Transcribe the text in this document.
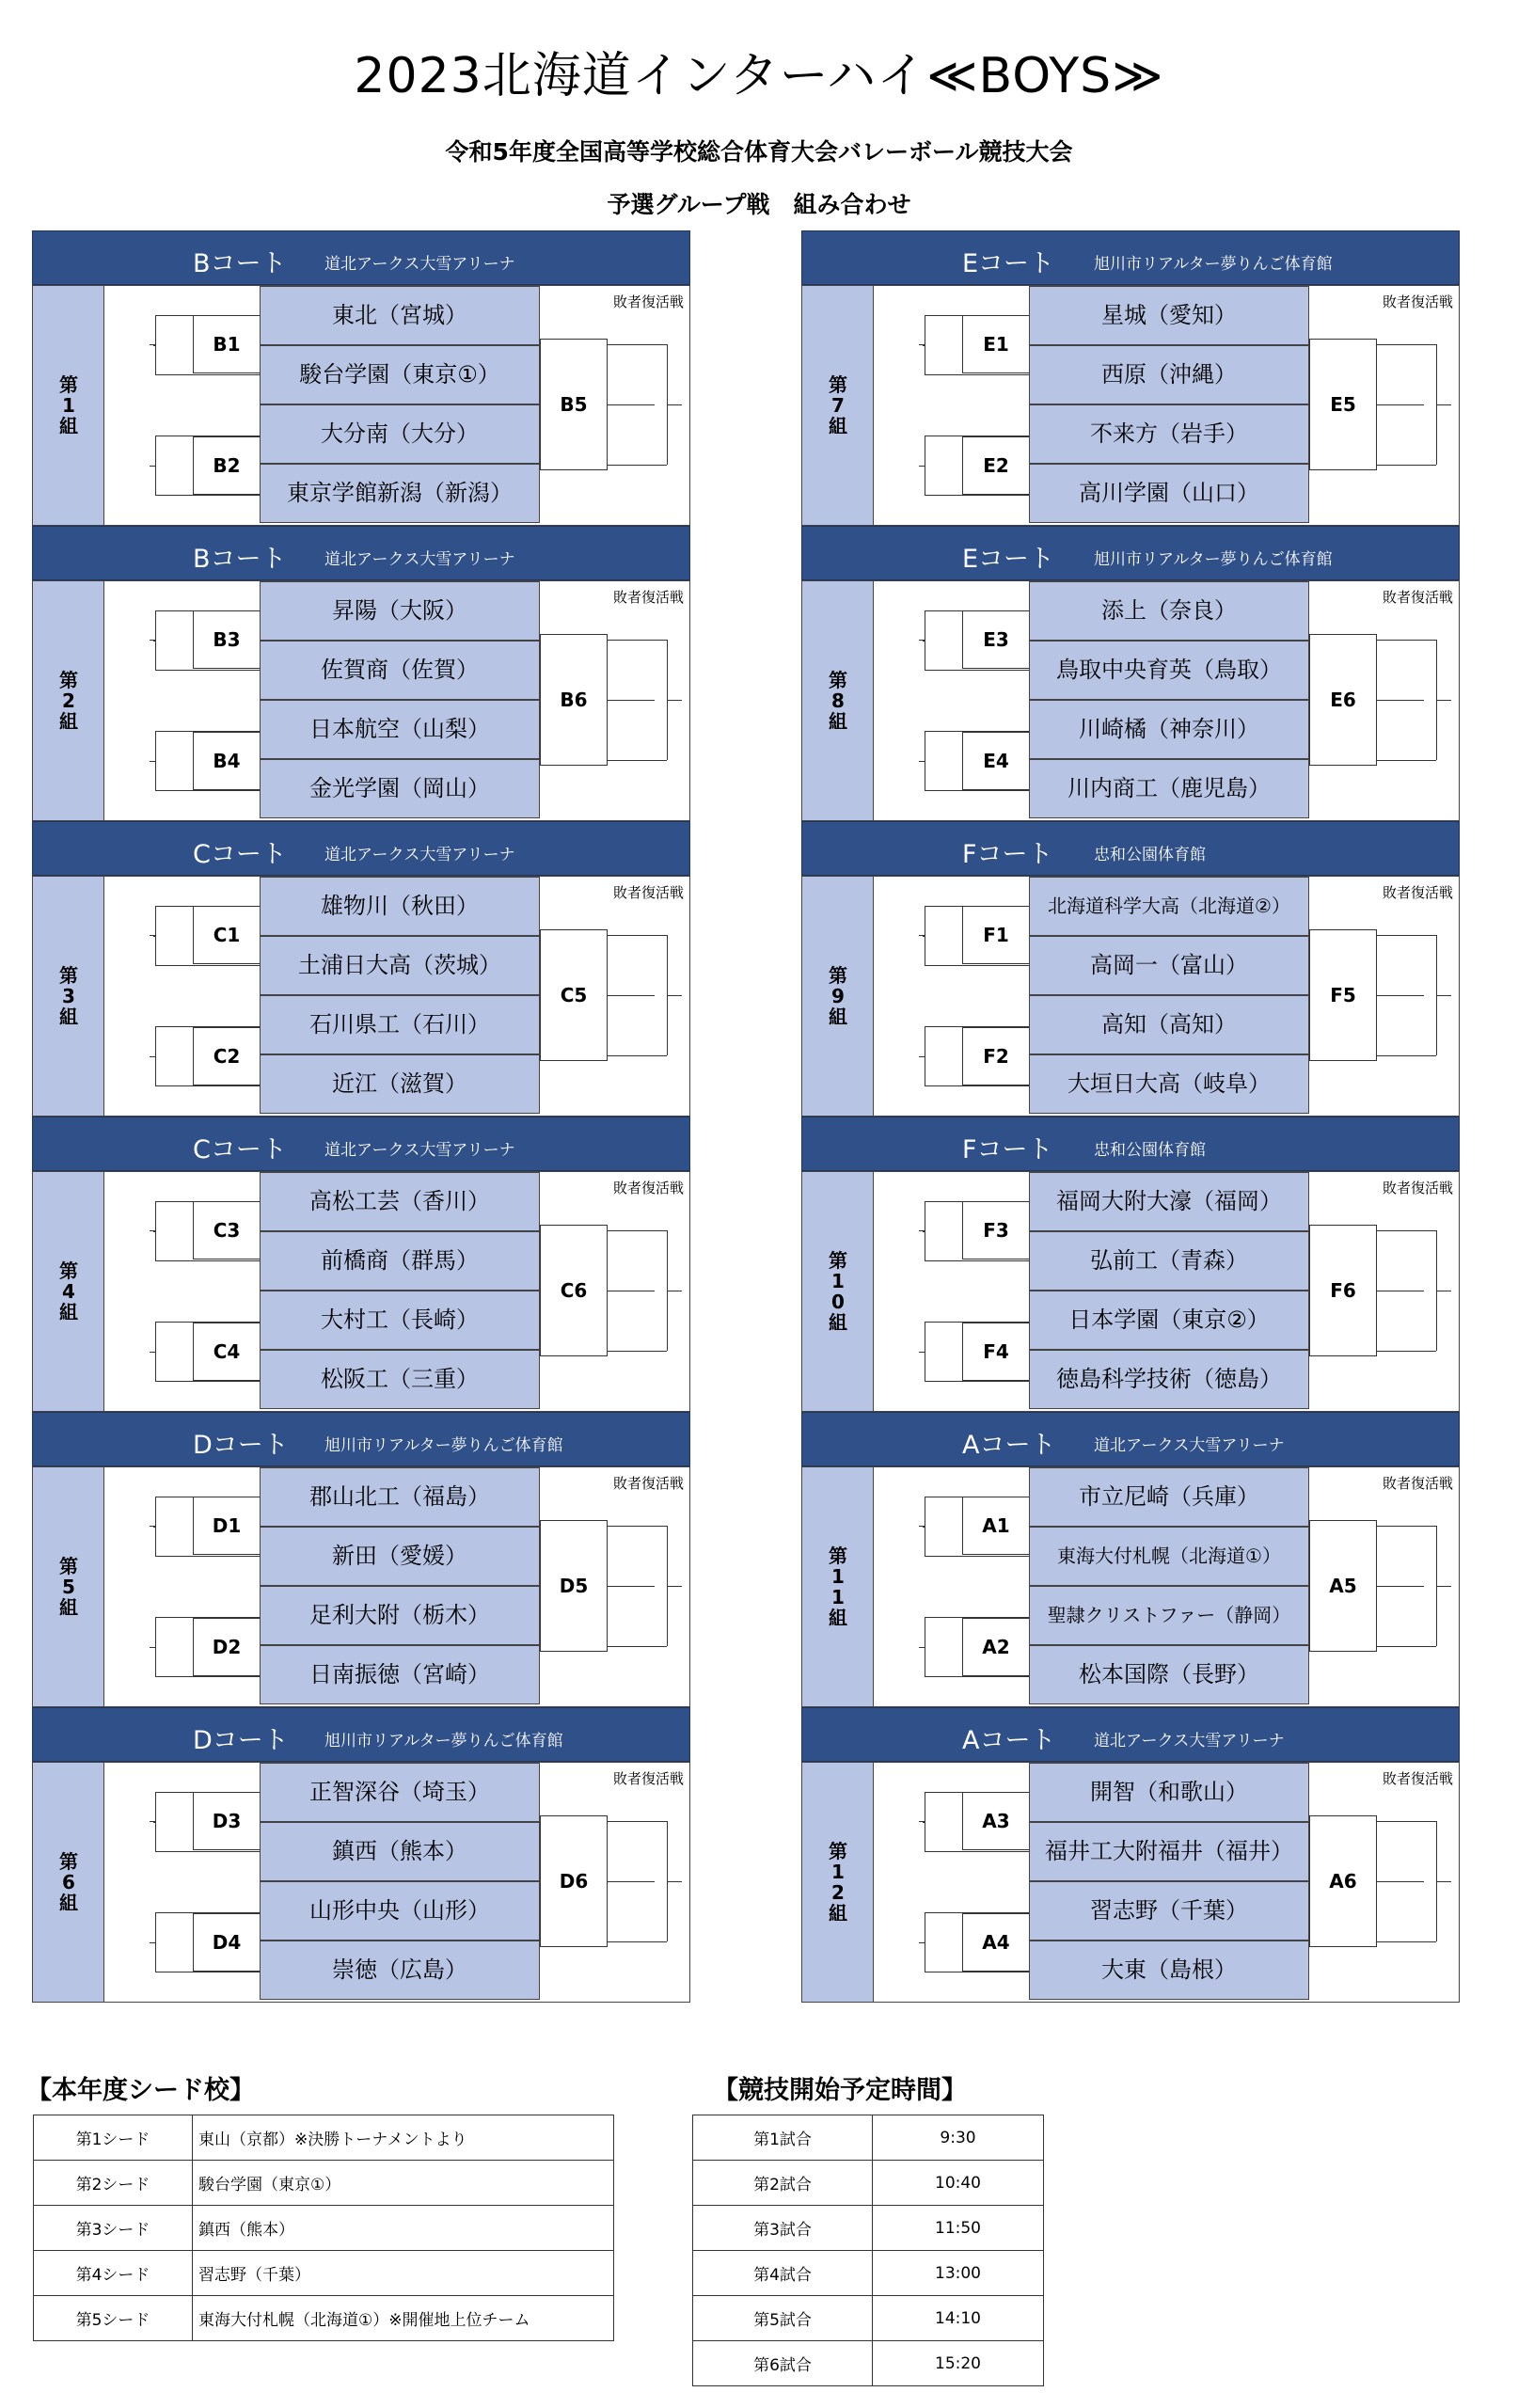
2023北海道インターハイ≪BOYS≫
令和5年度全国高等学校総合体育大会バレーボール競技大会
予選グループ戦　組み合わせ
Bコート 道北アークス大雪アリーナ
第
1
組
B1
B2
東北（宮城）
駿台学園（東京①）
大分南（大分）
東京学館新潟（新潟）
B5
敗者復活戦
Bコート 道北アークス大雪アリーナ
第
2
組
B3
B4
昇陽（大阪）
佐賀商（佐賀）
日本航空（山梨）
金光学園（岡山）
B6
敗者復活戦
Cコート 道北アークス大雪アリーナ
第
3
組
C1
C2
雄物川（秋田）
土浦日大高（茨城）
石川県工（石川）
近江（滋賀）
C5
敗者復活戦
Cコート 道北アークス大雪アリーナ
第
4
組
C3
C4
高松工芸（香川）
前橋商（群馬）
大村工（長崎）
松阪工（三重）
C6
敗者復活戦
Dコート 旭川市リアルター夢りんご体育館
第
5
組
D1
D2
郡山北工（福島）
新田（愛媛）
足利大附（栃木）
日南振徳（宮崎）
D5
敗者復活戦
Dコート 旭川市リアルター夢りんご体育館
第
6
組
D3
D4
正智深谷（埼玉）
鎮西（熊本）
山形中央（山形）
崇徳（広島）
D6
敗者復活戦
Eコート 旭川市リアルター夢りんご体育館
第
7
組
E1
E2
星城（愛知）
西原（沖縄）
不来方（岩手）
高川学園（山口）
E5
敗者復活戦
Eコート 旭川市リアルター夢りんご体育館
第
8
組
E3
E4
添上（奈良）
鳥取中央育英（鳥取）
川崎橘（神奈川）
川内商工（鹿児島）
E6
敗者復活戦
Fコート	忠和公園体育館
第
9
組
F1
F2
北海道科学大高（北海道②）
高岡一（富山）
高知（高知）
大垣日大高（岐阜）
F5
敗者復活戦
Fコート	忠和公園体育館
第
1
0
組
F3
F4
福岡大附大濠（福岡）
弘前工（青森）
日本学園（東京②）
徳島科学技術（徳島）
F6
敗者復活戦
Aコート 道北アークス大雪アリーナ
第
1
1
組
A1
A2
市立尼崎（兵庫）
東海大付札幌（北海道①）
聖隷クリストファー（静岡）
松本国際（長野）
A5
敗者復活戦
Aコート 道北アークス大雪アリーナ
第
1
2
組
A3
A4
開智（和歌山）
福井工大附福井（福井）
習志野（千葉）
大東（島根）
A6
敗者復活戦
【本年度シード校】
第1シード	東山（京都）※決勝トーナメントより
第2シード	駿台学園（東京①）
第3シード	鎮西（熊本）
第4シード	習志野（千葉）
第5シード	東海大付札幌（北海道①）※開催地上位チーム
【競技開始予定時間】
第1試合	9:30
第2試合	10:40
第3試合	11:50
第4試合	13:00
第5試合	14:10
第6試合	15:20
